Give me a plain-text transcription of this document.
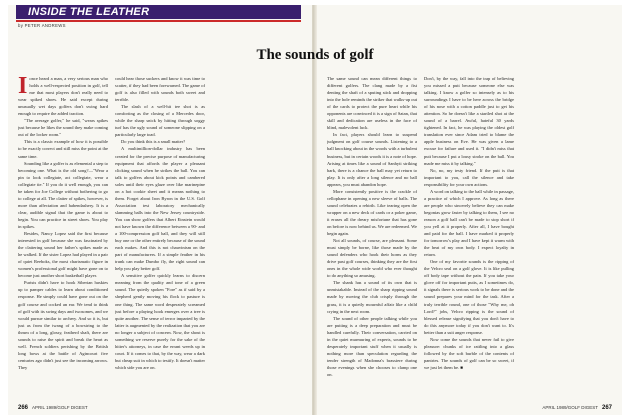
INSIDE THE LEATHER
by PETER ANDREWS

Ionce heard a man, a very serious man who holds a well-respected position in golf, tell me that most players don't really need to wear spiked shoes. He said except during unusually wet days golfers don't swing hard enough to require the added traction.

"The average golfer," he said, "wears spikes just because he likes the sound they make coming out of the locker room."

This is a classic example of how it is possible to be exactly correct and still miss the point at the same time.

Sounding like a golfer is as elemental a step to becoming one. What is the old song?—"Wear a pin to look collegiate, act collegiate, wear a collegiate tie." If you do it well enough, you can be taken for Joe College without bothering to go to college at all. The clatter of spikes, however, is more than affectation and habendashery. It is a clear, audible signal that the game is about to begin. You can practice in street shoes. You play in spikes.

Besides, Nancy Lopez said the first because interested in golf because she was fascinated by the clattering sound her father's spikes made as he walked. If the sister Lopez had played in a pair of quiet Reeboks, the most charismatic figure in women's professional golf might have gone on to become just another short basketball player.

Purists didn't have to hook Siberian huskies up to pamper cables to learn about conditioned response. He simply could have gone out on the golf course and cocked an ear. We tend to think of golf with its swing days and twosomes, and we would pursue similar to archery. And so it is, but just as from the twang of a bowstring to the thrum of a long, glossy, featherd shaft, there are sounds to raise the spirit and break the heart as well. French soldiers perishing by the British long bows at the battle of Agincourt five centuries ago didn't just see the incoming arrows. They

could hear those suckers and know it was time to scatter, if they had been forewarned. The game of golf is also filled with sounds both sweet and terrible.

The slash of a well-hit tee shot is as comforting as the closing of a Mercedes door, while the sharp snick by hitting through soggy turf has the ugly sound of someone slipping on a particularly large toad.

Do you think this is a small matter?

A multimillion-dollar industry has been created for the precise purpose of manufacturing equipment that affords the player a pleasant clicking sound when he strikes the ball. You can talk to golfers about kick points and cambered soles until their eyes glaze over like marinepine on a hot cookie sheet and it means nothing to them. Forget about Iron Byron in the U.S. Golf Association test laboratory mechanically slamming balls into the New Jersey countryside. You can show golfers that Albert Einstein would not have known the difference between a 90- and a 100-compression golf ball, and they will still buy one or the other entirely because of the sound each makes. And this is not chauvinism on the part of manufacturers. If a simple feather in his trunk can make Dumbo fly, the right sound can help you play better golf.

A sensitive golfer quickly learns to discern meaning from the quality and tone of a green sound. The quietly spoken "Fore" as if said by a shepherd gently moving his flock to pasture is one thing. The same word desperately screamed just before a playing hook emerges over a tree is quite another. The sense of terror imparted by the latter is augmented by the realization that you are no longer a subject of concern. Now, the shout is something we reserve purely for the sake of the hitter's attorneys, in case the errant weeds up in court. If it comes to that, by the way, wear a dark but cheap suit in which to testify. It doesn't matter which side you are on.

266 APRIL 1989/GOLF DIGEST

The same sound can mean different things to different golfers. The clang made by a fist denting the shaft of a sputing stick and dropping into the hole reminds the striker that walks-up out of the cards to protect the pure heart while his opponents are convinced it is a sign of Satan, that skill and dedication are useless in the face of blind, malevolent luck.

In fact, players should learn to suspend judgment on golf course sounds. Listening to a ball knocking about in the woods with a turbulent business, but in certain woods it is a note of hope. Arising at times like a sound of Sanhyti striking bark, there is a chance the ball may yet return to play. It is only after a long silence and no ball appears, you must abandon hope.

More consistently positive is the crackle of cellophane in opening a new sleeve of balls. The sound celebrates a rebirth. Like tearing open the wrapper on a new deck of cards or a poker game, it erases all the dreary misfortune that has gone on before is now behind us. We are redeemed. We begin again.

Not all sounds, of course, are pleasant. Some must simply be borne, like those made by the sound defenders who hook their horns as they drive past golf courses, thinking they are the first ones in the whole wide world who ever thought to do anything so amusing.

The shank has a sound of its own that is unmistakable. Instead of the sharp ripping sound made by moving the club crisply through the grass, it is a quietly mournful affair like a child crying in the next room.

The sound of other people talking while you are putting is a deep preparation and must be handled carefully. Their conversation, carried on in the quiet murmuring of experts, sounds to be desperately important stuff when it usually is nothing more than speculation regarding the tender strength of Madonna's brassiere during those evenings when she chooses to clamp one on.

Don't, by the way, fall into the trap of believing you missed a putt because someone else was talking. I know a golfer so intensely as to his surroundings I have to be here across the bridge of his nose with a cotton paddle just to get his attention. So he doesn't like a startled shot at the sound of a barrel. Awful, hateful 30 yards tightened. In fact, he was playing the oldest golf translation ever since Adam tried to blame the apple business on Eve. He was given a lame excuse for failure and used it. "I didn't miss that putt because I put a lousy stroke on the ball. You made me miss it by talking."

No, no, my testy friend. If the putt is that important to you, call the silence and take responsibility for your own actions.

A word on talking to the ball while in passage, a practice of which I approve. As long as there are people who sincerely believe they can make begonias grow faster by talking to them, I see no reason a golf ball can't be made to stop short if you yell at it properly. After all, I have bought and paid for the ball. I have marked it properly for tomorrow's play and I have kept it warm with the heat of my own body. I expect loyalty in return.

One of my favorite sounds is the ripping of the Velcro seal on a golf glove. It is like pulling off body tape without the pain. If you take your glove off for important putts, as I sometimes do, it signals there is serious work to be done and the sound prepares your mind for the task. After a truly terrible round, one of those "Why me, oh Lord?" jobs, Velcro ripping is the sound of blessed release signifying that you don't have to do this anymore today if you don't want to. It's better than a suit anger response.

Now come the sounds that never fail to give pleasure: chunks of ice rattling into a glass followed by the soft burble of the contents of pantries. The sounds of golf can be so sweet, if we just let them be. ■

APRIL 1989/GOLF DIGEST 267
The sounds of golf
